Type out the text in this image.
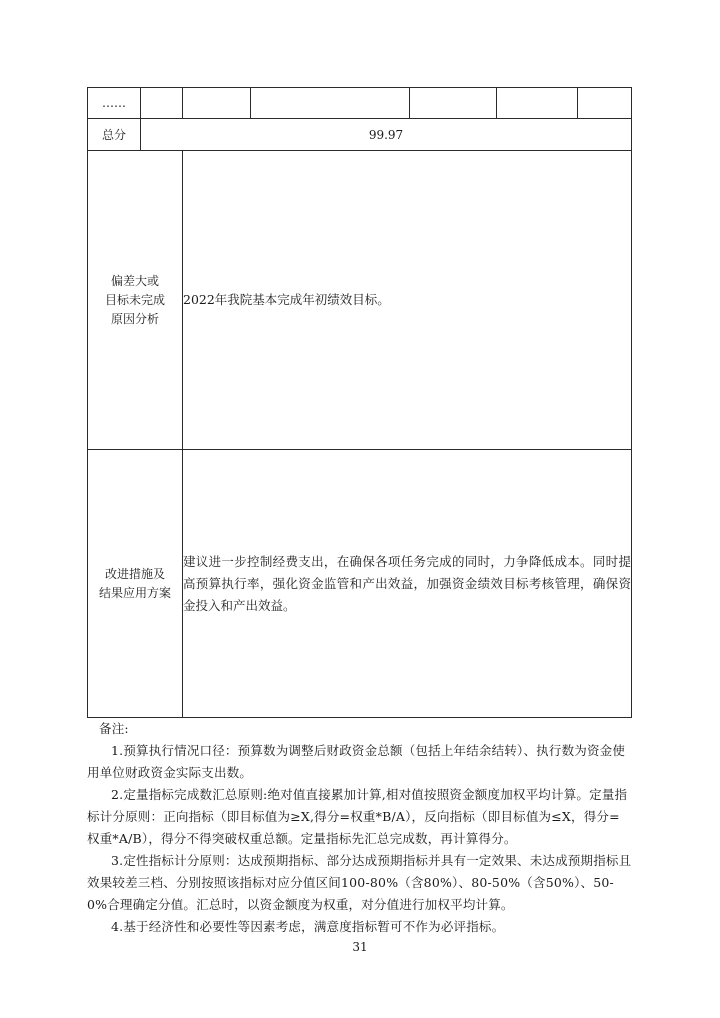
……						
总分	99.97					

偏差大或
目标未完成
原因分析		2022年我院基本完成年初绩效目标。				

改进措施及
结果应用方案		建议进一步控制经费支出，在确保各项任务完成的同时，力争降低成本。同时提高预算执行率，强化资金监管和产出效益，加强资金绩效目标考核管理，确保资金投入和产出效益。				

备注:

1.预算执行情况口径：预算数为调整后财政资金总额（包括上年结余结转）、执行数为资金使用单位财政资金实际支出数。

2.定量指标完成数汇总原则:绝对值直接累加计算,相对值按照资金额度加权平均计算。定量指标计分原则：正向指标（即目标值为≥X,得分=权重*B/A），反向指标（即目标值为≤X，得分=权重*A/B），得分不得突破权重总额。定量指标先汇总完成数，再计算得分。

3.定性指标计分原则：达成预期指标、部分达成预期指标并具有一定效果、未达成预期指标且效果较差三档、分别按照该指标对应分值区间100-80%（含80%）、80-50%（含50%）、50-0%合理确定分值。汇总时，以资金额度为权重，对分值进行加权平均计算。

4.基于经济性和必要性等因素考虑，满意度指标暂可不作为必评指标。

31
